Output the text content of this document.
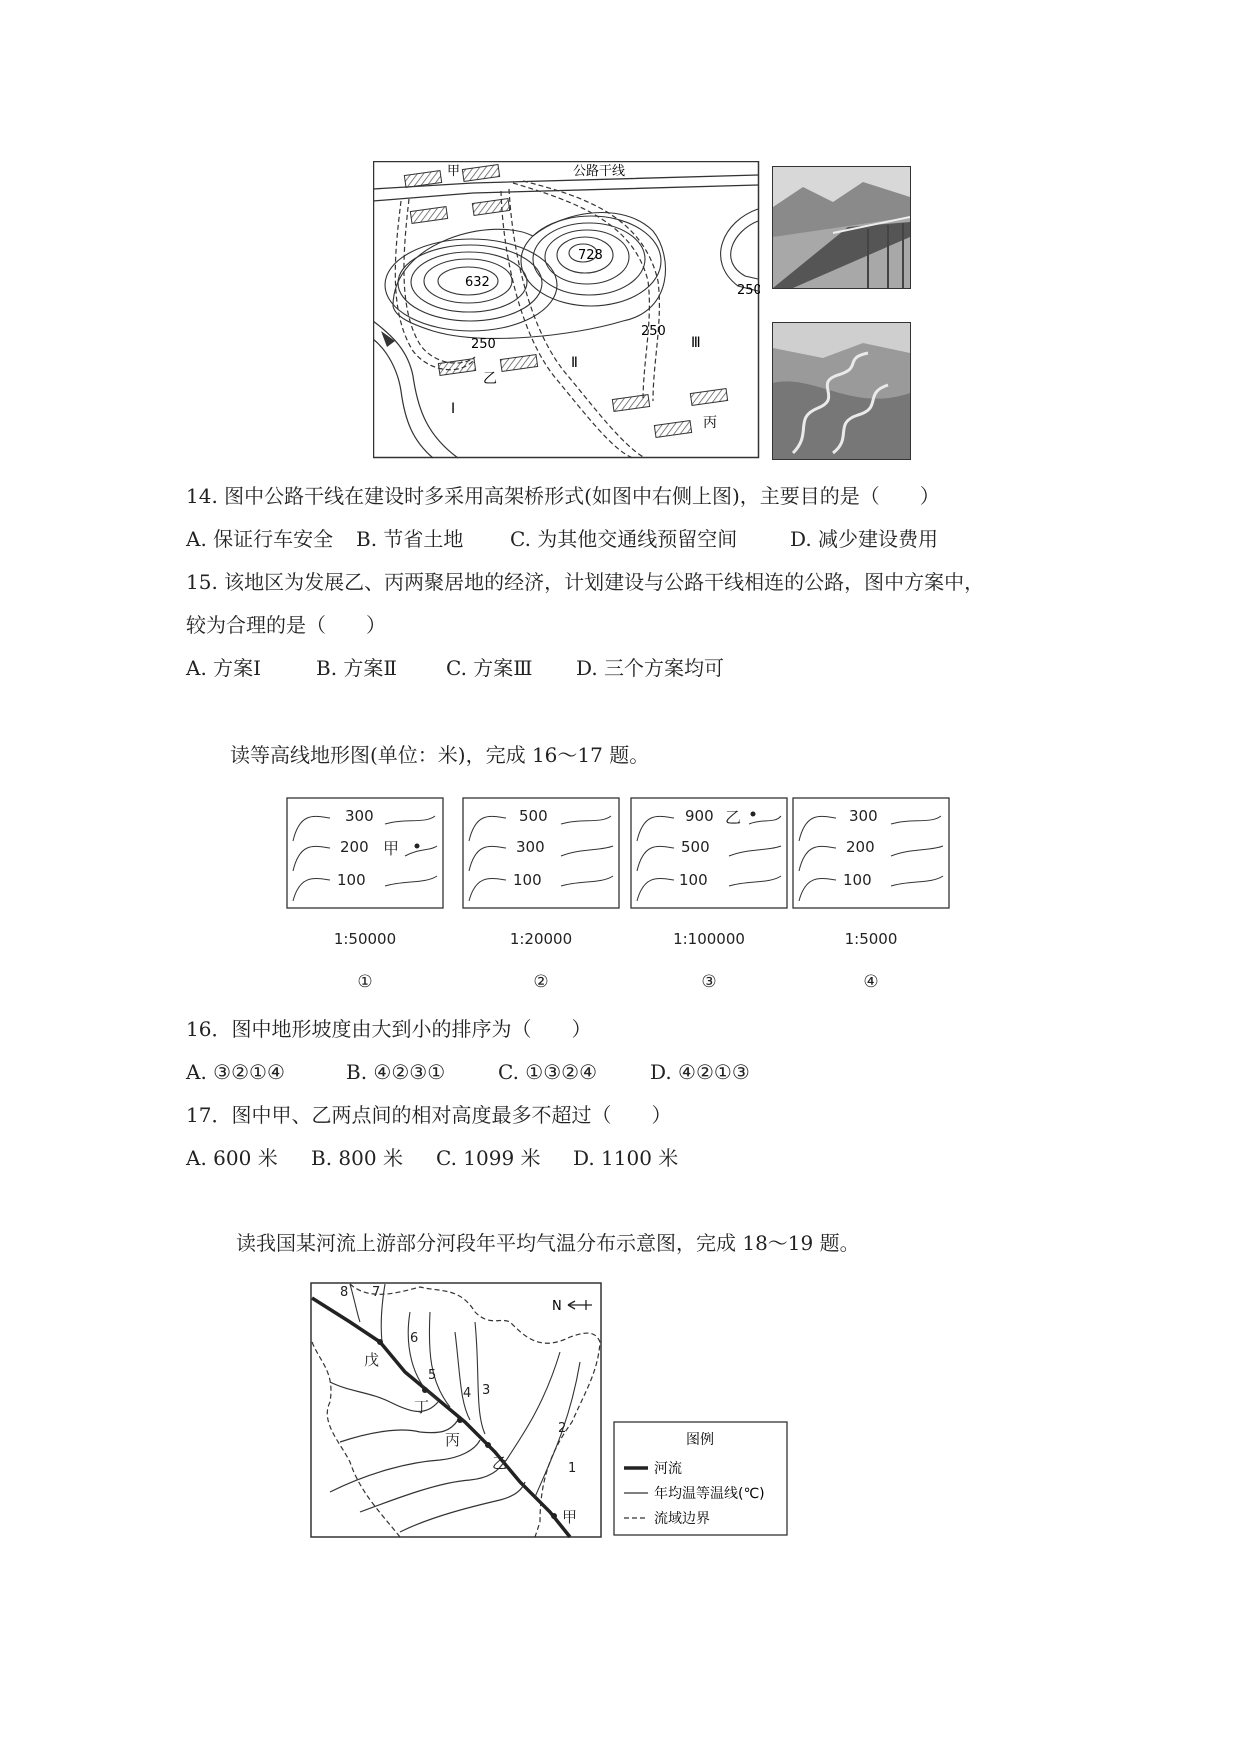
甲	公路干线
632
728
250
250
250
乙
丙
Ⅰ
Ⅱ
Ⅲ
14. 图中公路干线在建设时多采用高架桥形式(如图中右侧上图)，主要目的是（　　）
A. 保证行车安全 B. 节省土地 C. 为其他交通线预留空间	D. 减少建设费用
15. 该地区为发展乙、丙两聚居地的经济，计划建设与公路干线相连的公路，图中方案中，
较为合理的是（　　）
A. 方案Ⅰ	B. 方案Ⅱ C. 方案Ⅲ D. 三个方案均可
读等高线地形图(单位：米)，完成 16～17 题。
300
200
100
甲
1:50000
①
500
300
100
1:20000
②
900 乙
500
100
1:100000
③
300
200
100
1:5000
④
16．图中地形坡度由大到小的排序为（　　）
A. ③②①④	B. ④②③①	C. ①③②④	D. ④②①③
17．图中甲、乙两点间的相对高度最多不超过（　　）
A. 600 米 B. 800 米 C. 1099 米 D. 1100 米
读我国某河流上游部分河段年平均气温分布示意图，完成 18～19 题。
8 7
6
5
4 3
2
1
戊
丁
丙
乙
甲
N
图例
河流
年均温等温线(℃)
流域边界
